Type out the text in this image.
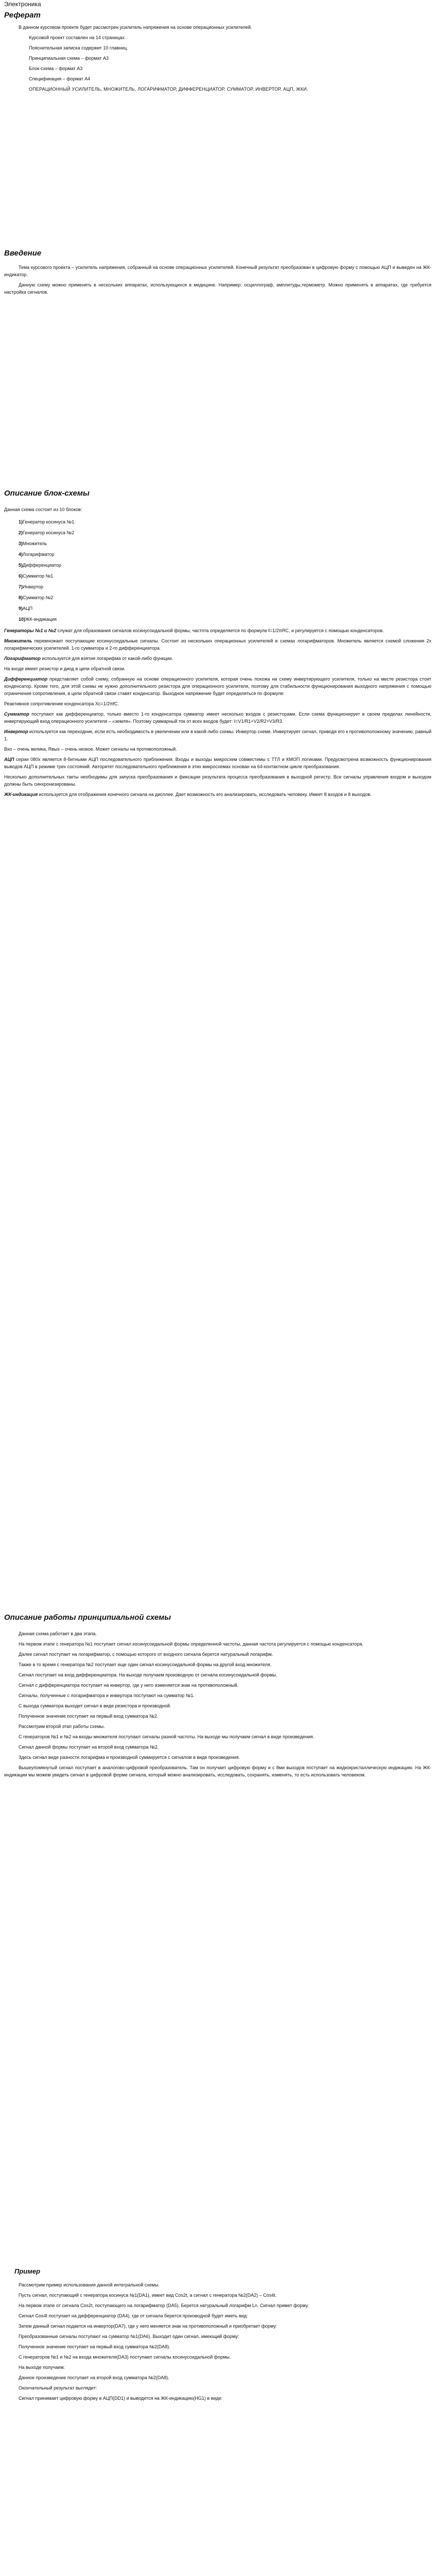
Электроника
Реферат

В данном курсовом проекте будет рассмотрен усилитель напряжения на основе операционных усилителей.

Курсовой проект составлен на 14 страницах.

Пояснительная записка содержит 10 главниц.

Принципиальная схема – формат А3

Блок-схема – формат А3

Спецификация – формат А4

ОПЕРАЦИОННЫЙ УСИЛИТЕЛЬ, МНОЖИТЕЛЬ, ЛОГАРИФМАТОР, ДИФФЕРЕНЦИАТОР, СУММАТОР, ИНВЕРТОР, АЦП, ЖКИ.

Введение

Тема курсового проекта – усилитель напряжения, собранный на основе операционных усилителей. Конечный результат преобразован в цифровую форму с помощью АЦП и выведен на ЖК-индикатор.

Данную схему можно применять в нескольких аппаратах, использующихся в медицине. Например: осциллограф, амплитуды,термометр. Можно применять в аппаратах, где требуется настройка сигналов.

Описание блок-схемы

Данная схема состоит из 10 блоков:

1)Генератор косинуса №1

2)Генератор косинуса №2

3)Множитель

4)Логарифматор

5)Дифференциатор

6)Сумматор №1

7)Инвертор

8)Сумматор №2

9)АЦП

10)ЖК-индикация

Генераторы №1 и №2 служат для образования сигналов косинусоидальной формы, частота определяется по формуле f=1/2πRC, и регулируется с помощью конденсаторов.

Множитель перемножает поступающие косинусоидальные сигналы. Состоит из нескольких операционных усилителей в схемах логарифматоров. Множитель является схемой сложения 2х логарифмических усилителей. 1-го сумматора и 2-го дифференциатора.

Логарифматор используется для взятия логарифма от какой-либо функции.

На входе имеет резистор и диод в цепи обратной связи.

Дифференциатор представляет собой схему, собранную на основе операционного усилителя, которая очень похожа на схему инвертирующего усилителя, только на месте резистора стоит конденсатор. Кроме того, для этой схемы не нужно дополнительного резистора для операционного усилителя, поэтому для стабильности функционирования выходного напряжения с помощью ограничения сопротивления, в цепи обратной связи ставят конденсатор. Выходное напряжение будет определяться по формуле:

Реактивное сопротивление конденсатора Xc=1/2πfC.

Сумматор поступают как дифференциатор, только вместо 1-го конденсатора сумматор имеет несколько входов с резисторами. Если схема функционирует в своем пределах линейности, инвертирующий вход операционного усилителя – «земля». Поэтому суммарный ток от всех входов будет: I=V1/R1+V2/R2+V3/R3.

Инвертор используется как переходник, если есть необходимость в увеличении или в какой-либо схемы. Инвертор схеме. Инвертирует сигнал, приводя его к противоположному значению, равный 1.

Вхо – очень велика, Rвых – очень низкое. Может сигналы на противоположный.

АЦП серии 080х является 8-битными АЦП последовательного приближения. Входы и выходы микросхем совместимы с ТТЛ и КМОП логиками. Предусмотрена возможность функционирования выводов АЦП в режиме трех состояний. Авторитет последовательного приближения в этих микросхемах основан на 64-контактном цикле преобразования.

Несколько дополнительных такты необходимы для запуска преобразования и фиксации результата процесса преобразования в выходной регистр. Все сигналы управления входом и выходом должны быть синхронизированы.

ЖК-индикация используется для отображения конечного сигнала на дисплее. Дает возможность его анализировать, исследовать человеку. Имеет 8 входов и 8 выходов.

Описание работы принципиальной схемы

Данная схема работает в два этапа.

На первом этапе с генератора №1 поступает сигнал косинусоидальной формы определенной частоты, данная частота регулируется с помощью конденсатора.

Далее сигнал поступает на логарифматор, с помощью которого от входного сигнала берется натуральный логарифм.

Также в то время с генератора №2 поступает еще один сигнал косинусоидальной формы на другой вход множителя.

Сигнал поступает на вход дифференциатора. На выходе получаем производную от сигнала косинусоидальной формы.

Сигнал с дифференциатора поступает на инвертор, где у него изменяется знак на противоположный.

Сигналы, полученные с логарифматора и инвертора поступают на сумматор №1.

С выхода сумматора выходит сигнал в виде резистора и производной.

Полученное значение поступает на первый вход сумматора №2.

Рассмотрим второй этап работы схемы.

С генераторов №1 и №2 на входы множителя поступают сигналы разной частоты. На выходе мы получаем сигнал в виде произведения.

Сигнал данной формы поступает на второй вход сумматора №2.

Здесь сигнал виде разности логарифма и производной суммируется с сигналом в виде произведения.

Вышеупомянутый сигнал поступает в аналогово-цифровой преобразователь. Там он получает цифровую форму и с 8ми выходов поступает на жидкокристаллическую индикацию. На ЖК-индикации мы можем увидеть сигнал в цифровой форме сигнала, который можно анализировать, исследовать, сохранять, изменять, то есть использовать человеком.

Пример

Рассмотрим пример использования данной интегральной схемы.

Пусть сигнал, поступающий с генератора косинуса №1(DA1), имеет вид Cos2t, а сигнал с генератора №2(DA2) – Cos4t.

На первом этапе от сигнала Cos2t, поступающего на логарифматор (DA5). Берется натуральный логарифм Ln. Сигнал примет форму.

Сигнал Cos4t поступает на дифференциатор (DA4), где от сигнала берется производной будет иметь вид:

Затем данный сигнал подается на инвертор(DA7), где у него меняется знак на противоположный и приобретает форму:

Преобразованные сигналы поступают на сумматор №1(DA6). Выходит один сигнал, имеющий форму:

Полученное значение поступает на первый вход сумматора №2(DA8).

С генераторов №1 и №2 на входа множителя(DA3) поступают сигналы косинусоидальной формы.

На выходе получаем:

Данное произведение поступает на второй вход сумматора №2(DA8).

Окончательный результат выглядит:

Сигнал принимает цифровую форму в АЦП(DD1) и выводится на ЖК-индикацию(HG1) в виде:
